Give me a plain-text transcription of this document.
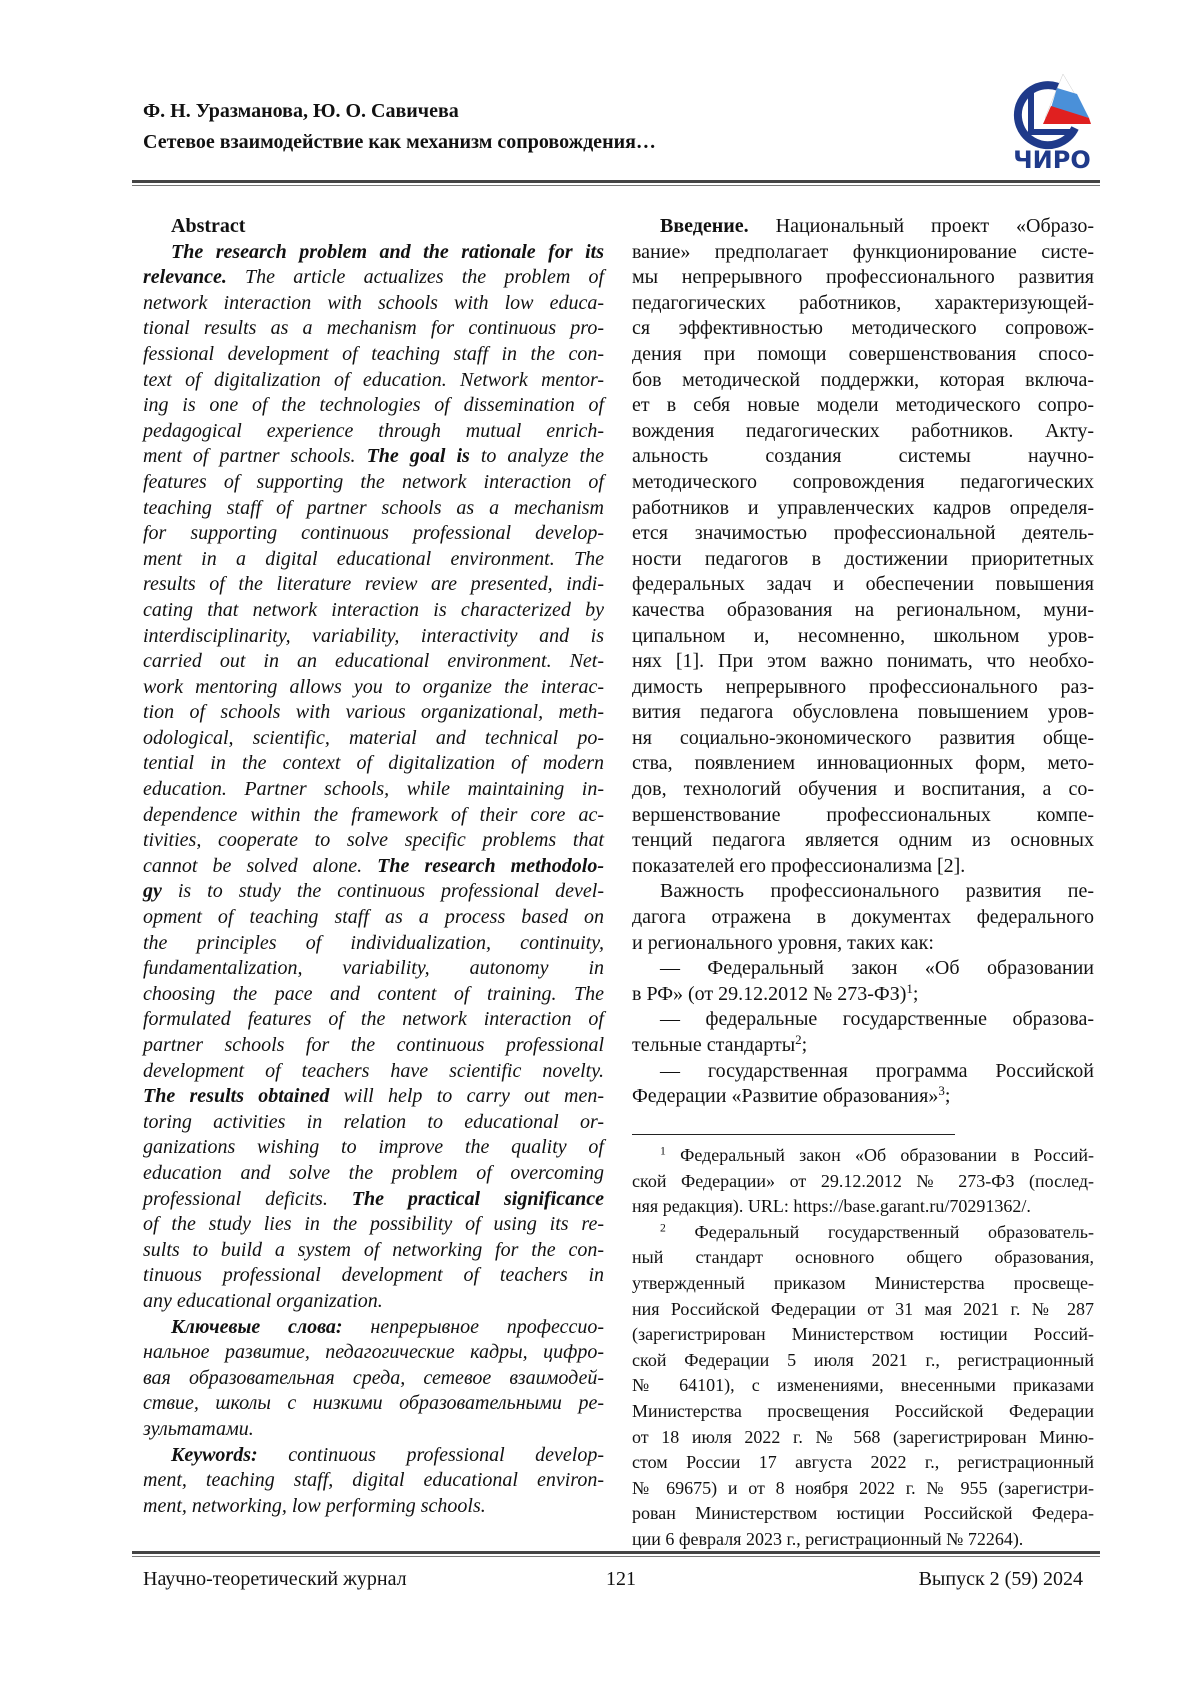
Ф. Н. Уразманова, Ю. О. Савичева
Сетевое взаимодействие как механизм сопровождения…
ЧИРО
Abstract
The research problem and the rationale for its
relevance. The article actualizes the problem of
network interaction with schools with low educa-
tional results as a mechanism for continuous pro-
fessional development of teaching staff in the con-
text of digitalization of education. Network mentor-
ing is one of the technologies of dissemination of
pedagogical experience through mutual enrich-
ment of partner schools. The goal is to analyze the
features of supporting the network interaction of
teaching staff of partner schools as a mechanism
for supporting continuous professional develop-
ment in a digital educational environment. The
results of the literature review are presented, indi-
cating that network interaction is characterized by
interdisciplinarity, variability, interactivity and is
carried out in an educational environment. Net-
work mentoring allows you to organize the interac-
tion of schools with various organizational, meth-
odological, scientific, material and technical po-
tential in the context of digitalization of modern
education. Partner schools, while maintaining in-
dependence within the framework of their core ac-
tivities, cooperate to solve specific problems that
cannot be solved alone. The research methodolo-
gy is to study the continuous professional devel-
opment of teaching staff as a process based on
the principles of individualization, continuity,
fundamentalization, variability, autonomy in
choosing the pace and content of training. The
formulated features of the network interaction of
partner schools for the continuous professional
development of teachers have scientific novelty.
The results obtained will help to carry out men-
toring activities in relation to educational or-
ganizations wishing to improve the quality of
education and solve the problem of overcoming
professional deficits. The practical significance
of the study lies in the possibility of using its re-
sults to build a system of networking for the con-
tinuous professional development of teachers in
any educational organization.
Ключевые слова: непрерывное профессио-
нальное развитие, педагогические кадры, цифро-
вая образовательная среда, сетевое взаимодей-
ствие, школы с низкими образовательными ре-
зультатами.
Keywords: continuous professional develop-
ment, teaching staff, digital educational environ-
ment, networking, low performing schools.
Введение. Национальный проект «Образо-
вание» предполагает функционирование систе-
мы непрерывного профессионального развития
педагогических работников, характеризующей-
ся эффективностью методического сопровож-
дения при помощи совершенствования спосо-
бов методической поддержки, которая включа-
ет в себя новые модели методического сопро-
вождения педагогических работников. Акту-
альность создания системы научно-
методического сопровождения педагогических
работников и управленческих кадров определя-
ется значимостью профессиональной деятель-
ности педагогов в достижении приоритетных
федеральных задач и обеспечении повышения
качества образования на региональном, муни-
ципальном и, несомненно, школьном уров-
нях [1]. При этом важно понимать, что необхо-
димость непрерывного профессионального раз-
вития педагога обусловлена повышением уров-
ня социально-экономического развития обще-
ства, появлением инновационных форм, мето-
дов, технологий обучения и воспитания, а со-
вершенствование профессиональных компе-
тенций педагога является одним из основных
показателей его профессионализма [2].
Важность профессионального развития пе-
дагога отражена в документах федерального
и регионального уровня, таких как:
— Федеральный закон «Об образовании
в РФ» (от 29.12.2012 № 273-ФЗ)1;
— федеральные государственные образова-
тельные стандарты2;
— государственная программа Российской
Федерации «Развитие образования»3;
1 Федеральный закон «Об образовании в Россий-
ской Федерации» от 29.12.2012 № 273-ФЗ (послед-
няя редакция). URL: https://base.garant.ru/70291362/.
2 Федеральный государственный образователь-
ный стандарт основного общего образования,
утвержденный приказом Министерства просвеще-
ния Российской Федерации от 31 мая 2021 г. № 287
(зарегистрирован Министерством юстиции Россий-
ской Федерации 5 июля 2021 г., регистрационный
№ 64101), с изменениями, внесенными приказами
Министерства просвещения Российской Федерации
от 18 июля 2022 г. № 568 (зарегистрирован Миню-
стом России 17 августа 2022 г., регистрационный
№ 69675) и от 8 ноября 2022 г. № 955 (зарегистри-
рован Министерством юстиции Российской Федера-
ции 6 февраля 2023 г., регистрационный № 72264).
Научно-теоретический журнал	121	Выпуск 2 (59) 2024
